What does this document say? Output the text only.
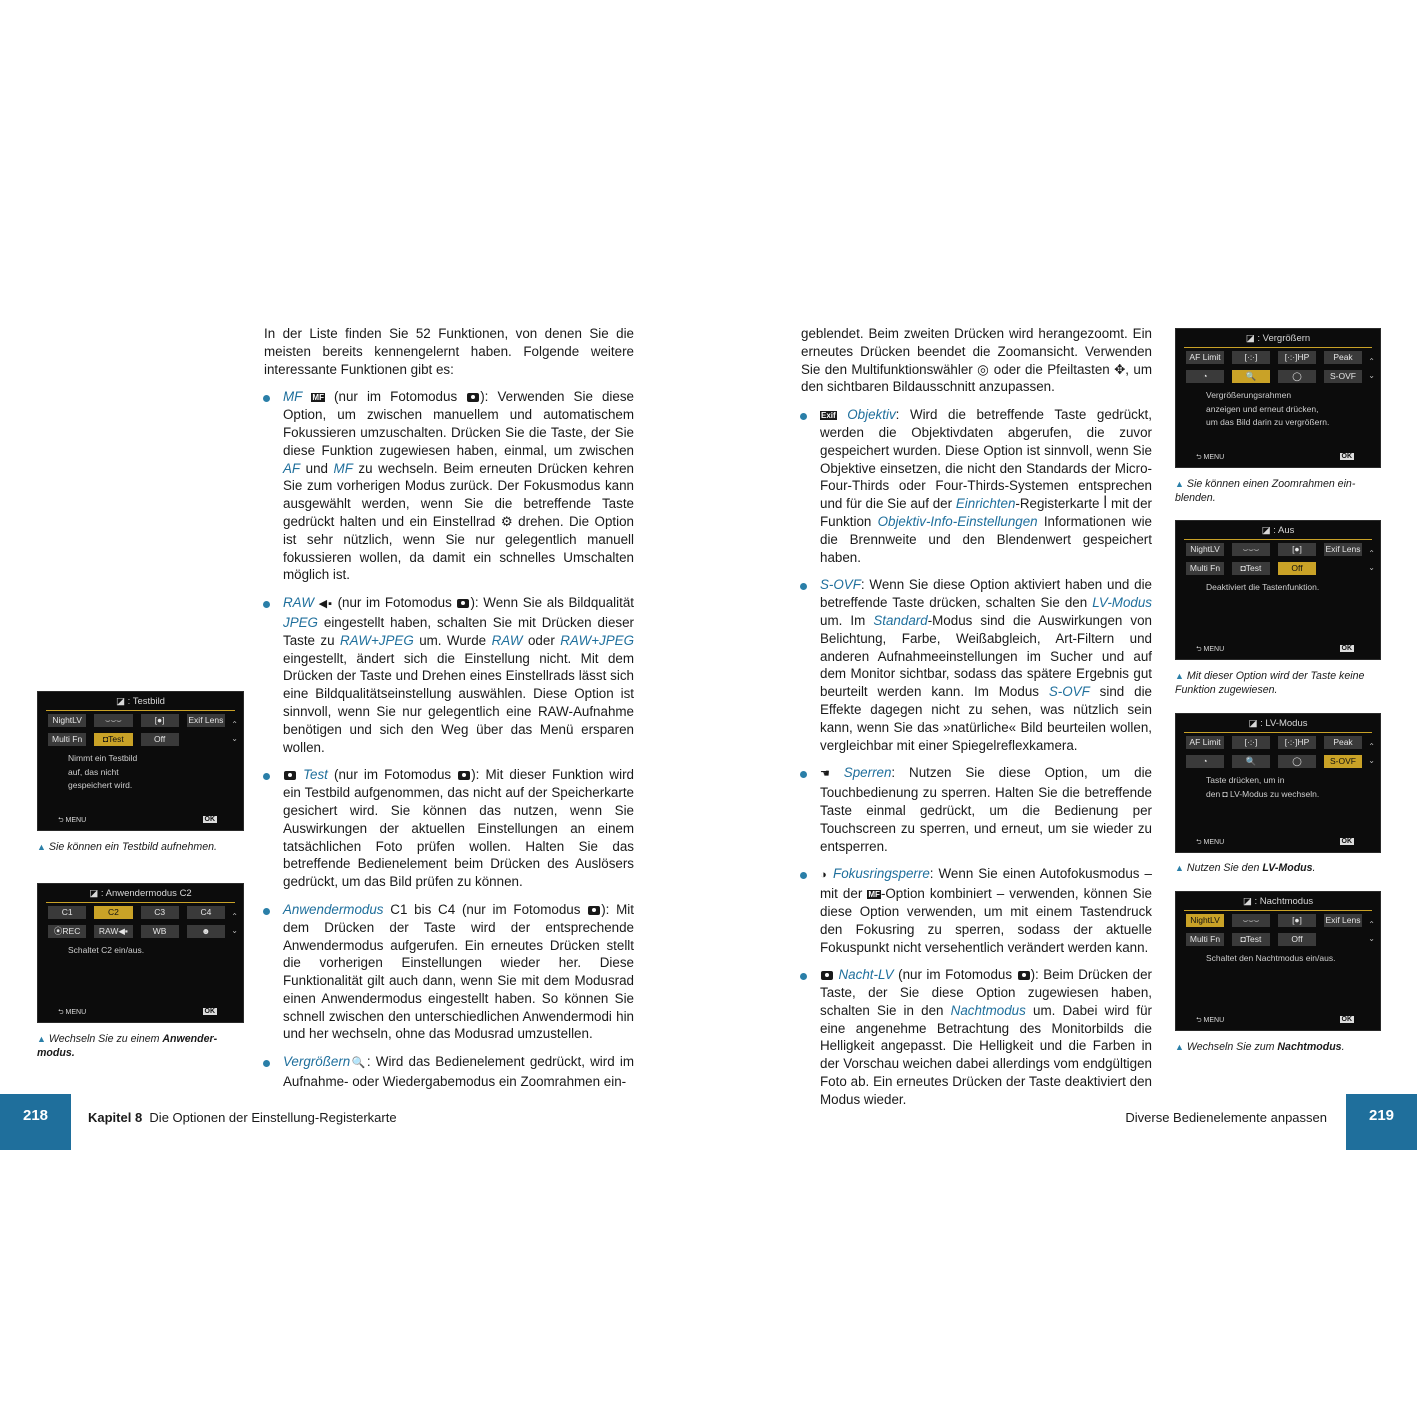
In der Liste finden Sie 52 Funktionen, von denen Sie die meisten bereits kennengelernt haben. Folgende weitere interessante Funktionen gibt es:

MF MF (nur im Fotomodus ): Verwenden Sie diese Option, um zwischen manuellem und automatischem Fokussieren umzuschalten. Drücken Sie die Taste, der Sie diese Funktion zugewiesen haben, einmal, um zwischen AF und MF zu wechseln. Beim erneuten Drücken kehren Sie zum vorherigen Modus zurück. Der Fokusmodus kann ausgewählt werden, wenn Sie die betreffende Taste gedrückt halten und ein Einstellrad ⚙ drehen. Die Option ist sehr nützlich, wenn Sie nur gelegentlich manuell fokussieren wollen, da damit ein schnelles Umschalten möglich ist.
RAW ◀▪ (nur im Fotomodus ): Wenn Sie als Bildqualität JPEG eingestellt haben, schalten Sie mit Drücken dieser Taste zu RAW+JPEG um. Wurde RAW oder RAW+JPEG eingestellt, ändert sich die Einstellung nicht. Mit dem Drücken der Taste und Drehen eines Einstellrads lässt sich eine Bildqualitätseinstellung auswählen. Diese Option ist sinnvoll, wenn Sie nur gelegentlich eine RAW-Aufnahme benötigen und sich den Weg über das Menü ersparen wollen.
Test (nur im Fotomodus ): Mit dieser Funktion wird ein Testbild aufgenommen, das nicht auf der Speicherkarte gesichert wird. Sie können das nutzen, wenn Sie Auswirkungen der aktuellen Einstellungen an einem tatsächlichen Foto prüfen wollen. Halten Sie das betreffende Bedienelement beim Drücken des Auslösers gedrückt, um das Bild prüfen zu können.
Anwendermodus C1 bis C4 (nur im Fotomodus ): Mit dem Drücken der Taste wird der entsprechende Anwendermodus aufgerufen. Ein erneutes Drücken stellt die vorherigen Einstellungen wieder her. Diese Funktionalität gilt auch dann, wenn Sie mit dem Modusrad einen Anwendermodus eingestellt haben. So können Sie schnell zwischen den unterschiedlichen Anwendermodi hin und her wechseln, ohne das Modusrad umzustellen.
Vergrößern🔍: Wird das Bedienelement gedrückt, wird im Aufnahme- oder Wiedergabemodus ein Zoomrahmen ein-

geblendet. Beim zweiten Drücken wird herangezoomt. Ein erneutes Drücken beendet die Zoomansicht. Verwenden Sie den Multifunktionswähler ◎ oder die Pfeiltasten ✥, um den sichtbaren Bildausschnitt anzupassen.

Exif Objektiv: Wird die betreffende Taste gedrückt, werden die Objektivdaten abgerufen, die zuvor gespeichert wurden. Diese Option ist sinnvoll, wenn Sie Objektive einsetzen, die nicht den Standards der Micro-Four-Thirds oder Four-Thirds-Systemen entsprechen und für die Sie auf der Einrichten-Registerkarte ꟾ mit der Funktion Objektiv-Info-Einstellungen Informationen wie die Brennweite und den Blendenwert gespeichert haben.
S-OVF: Wenn Sie diese Option aktiviert haben und die betreffende Taste drücken, schalten Sie den LV-Modus um. Im Standard-Modus sind die Auswirkungen von Belichtung, Farbe, Weißabgleich, Art-Filtern und anderen Aufnahmeeinstellungen im Sucher und auf dem Monitor sichtbar, sodass das spätere Ergebnis gut beurteilt werden kann. Im Modus S-OVF sind die Effekte dagegen nicht zu sehen, was nützlich sein kann, wenn Sie das »natürliche« Bild beurteilen wollen, vergleichbar mit einer Spiegelreflexkamera.
☚ Sperren: Nutzen Sie diese Option, um die Touchbedienung zu sperren. Halten Sie die betreffende Taste einmal gedrückt, um die Bedienung per Touchscreen zu sperren, und erneut, um sie wieder zu entsperren.
◑ Fokusringsperre: Wenn Sie einen Autofokusmodus – mit der MF-Option kombiniert – verwenden, können Sie diese Option verwenden, um mit einem Tastendruck den Fokusring zu sperren, sodass der aktuelle Fokuspunkt nicht versehentlich verändert werden kann.
Nacht-LV (nur im Fotomodus ): Beim Drücken der Taste, der Sie diese Option zugewiesen haben, schalten Sie in den Nachtmodus um. Dabei wird für eine angenehme Betrachtung des Monitorbilds die Helligkeit angepasst. Die Helligkeit und die Farben in der Vorschau weichen dabei allerdings vom endgültigen Foto ab. Ein erneutes Drücken der Taste deaktiviert den Modus wieder.
◪ : Testbild
NightLV	⌣⌣⌣	[●]	Exif Lens
Multi Fn	◘Test	Off
⌃
⌄
Nimmt ein Testbild
auf, das nicht
gespeichert wird.
⮌ MENU	OK
◪ : Anwendermodus C2
C1	C2	C3	C4
⦿REC	RAW◀▪	WB	☻
⌃
⌄
Schaltet C2 ein/aus.
⮌ MENU	OK
◪ : Vergrößern
AF Limit	[·:·]	[·:·]HP	Peak
◔	🔍	◯	S-OVF
⌃
⌄
Vergrößerungsrahmen
anzeigen und erneut drücken,
um das Bild darin zu vergrößern.
⮌ MENU	OK
◪ : Aus
NightLV	⌣⌣⌣	[●]	Exif Lens
Multi Fn	◘Test	Off
⌃
⌄
Deaktiviert die Tastenfunktion.
⮌ MENU	OK
◪ : LV-Modus
AF Limit	[·:·]	[·:·]HP	Peak
◔	🔍	◯	S-OVF
⌃
⌄
Taste drücken, um in
den ◘ LV-Modus zu wechseln.
⮌ MENU	OK
◪ : Nachtmodus
NightLV	⌣⌣⌣	[●]	Exif Lens
Multi Fn	◘Test	Off
⌃
⌄
Schaltet den Nachtmodus ein/aus.
⮌ MENU	OK
▲ Sie können ein Testbild aufnehmen.
▲ Wechseln Sie zu einem Anwender-
modus.
▲ Sie können einen Zoomrahmen ein-
blenden.
▲ Mit dieser Option wird der Taste keine
Funktion zugewiesen.
▲ Nutzen Sie den LV-Modus.
▲ Wechseln Sie zum Nachtmodus.
218	Kapitel 8 Die Optionen der Einstellung-Registerkarte	Diverse Bedienelemente anpassen	219
